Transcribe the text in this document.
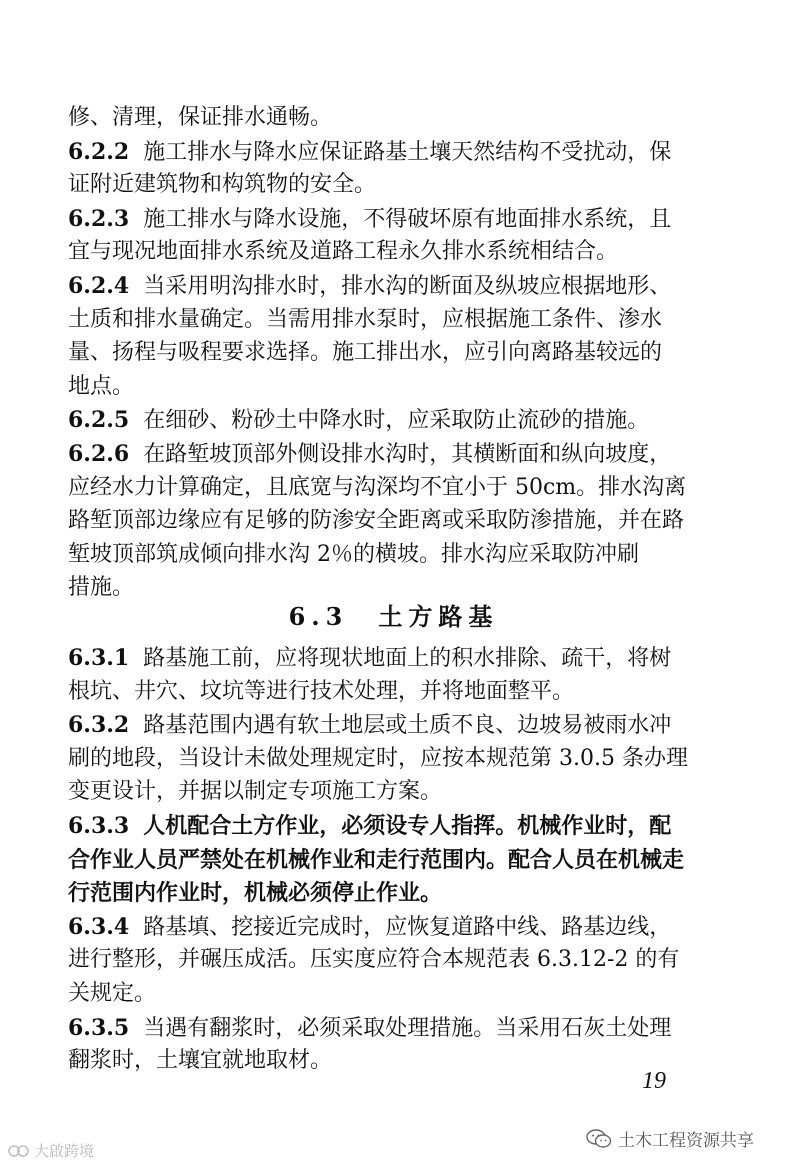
修、清理，保证排水通畅。
6.2.2 施工排水与降水应保证路基土壤天然结构不受扰动，保
证附近建筑物和构筑物的安全。
6.2.3 施工排水与降水设施，不得破坏原有地面排水系统，且
宜与现况地面排水系统及道路工程永久排水系统相结合。
6.2.4 当采用明沟排水时，排水沟的断面及纵坡应根据地形、
土质和排水量确定。当需用排水泵时，应根据施工条件、渗水
量、扬程与吸程要求选择。施工排出水，应引向离路基较远的
地点。
6.2.5 在细砂、粉砂土中降水时，应采取防止流砂的措施。
6.2.6 在路堑坡顶部外侧设排水沟时，其横断面和纵向坡度，
应经水力计算确定，且底宽与沟深均不宜小于 50cm。排水沟离
路堑顶部边缘应有足够的防渗安全距离或采取防渗措施，并在路
堑坡顶部筑成倾向排水沟 2％的横坡。排水沟应采取防冲刷
措施。
6.3　土方路基
6.3.1 路基施工前，应将现状地面上的积水排除、疏干，将树
根坑、井穴、坟坑等进行技术处理，并将地面整平。
6.3.2 路基范围内遇有软土地层或土质不良、边坡易被雨水冲
刷的地段，当设计未做处理规定时，应按本规范第 3.0.5 条办理
变更设计，并据以制定专项施工方案。
6.3.3 人机配合土方作业，必须设专人指挥。机械作业时，配
合作业人员严禁处在机械作业和走行范围内。配合人员在机械走
行范围内作业时，机械必须停止作业。
6.3.4 路基填、挖接近完成时，应恢复道路中线、路基边线，
进行整形，并碾压成活。压实度应符合本规范表 6.3.12-2 的有
关规定。
6.3.5 当遇有翻浆时，必须采取处理措施。当采用石灰土处理
翻浆时，土壤宜就地取材。
19
大啟跨境	土木工程资源共享
